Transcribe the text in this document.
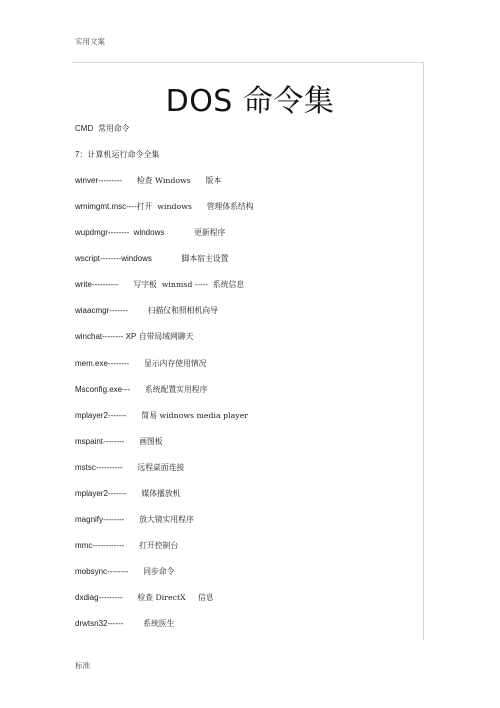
实用文案
DOS 命令集
CMD  常用命令
7：计算机运行命令全集
winver---------      检查 Windows      版本
wmimgmt.msc----打开  windows      管理体系结构
wupdmgr--------  windows            更新程序
wscript--------windows            脚本宿主设置
write----------      写字板  winmsd -----  系统信息
wiaacmgr-------        扫描仪和照相机向导
winchat-------- XP 自带局域网聊天
mem.exe--------      显示内存使用情况
Msconfig.exe---      系统配置实用程序
mplayer2-------      简易 widnows media player
mspaint--------      画图板
mstsc----------      远程桌面连接
mplayer2-------      媒体播放机
magnify--------      放大镜实用程序
mmc------------      打开控制台
mobsync--------      同步命令
dxdiag---------      检查 DirectX     信息
drwtsn32------        系统医生
标准
